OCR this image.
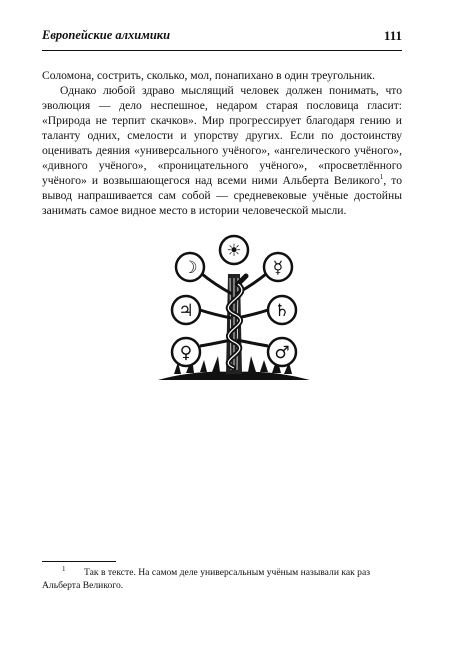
Европейские алхимики	111

Соломона, сострить, сколько, мол, понапихано в один треугольник.

Однако любой здраво мыслящий человек должен понимать, что эволюция — дело неспешное, недаром старая пословица гласит: «Природа не терпит скачков». Мир прогрессирует благодаря гению и таланту одних, смелости и упорству других. Если по достоинству оценивать деяния «универсального учёного», «ангелического учёного», «дивного учёного», «проницательного учёного», «просветлённого учёного» и возвышающегося над всеми ними Альберта Великого$^1$, то вывод напрашивается сам собой — средневековые учёные достойны занимать самое видное место в истории человеческой мысли.

☀
☽	☿
♃	♄
♀	♂
$^1$ Так в тексте. На самом деле универсальным учёным называли как раз Альберта Великого.
